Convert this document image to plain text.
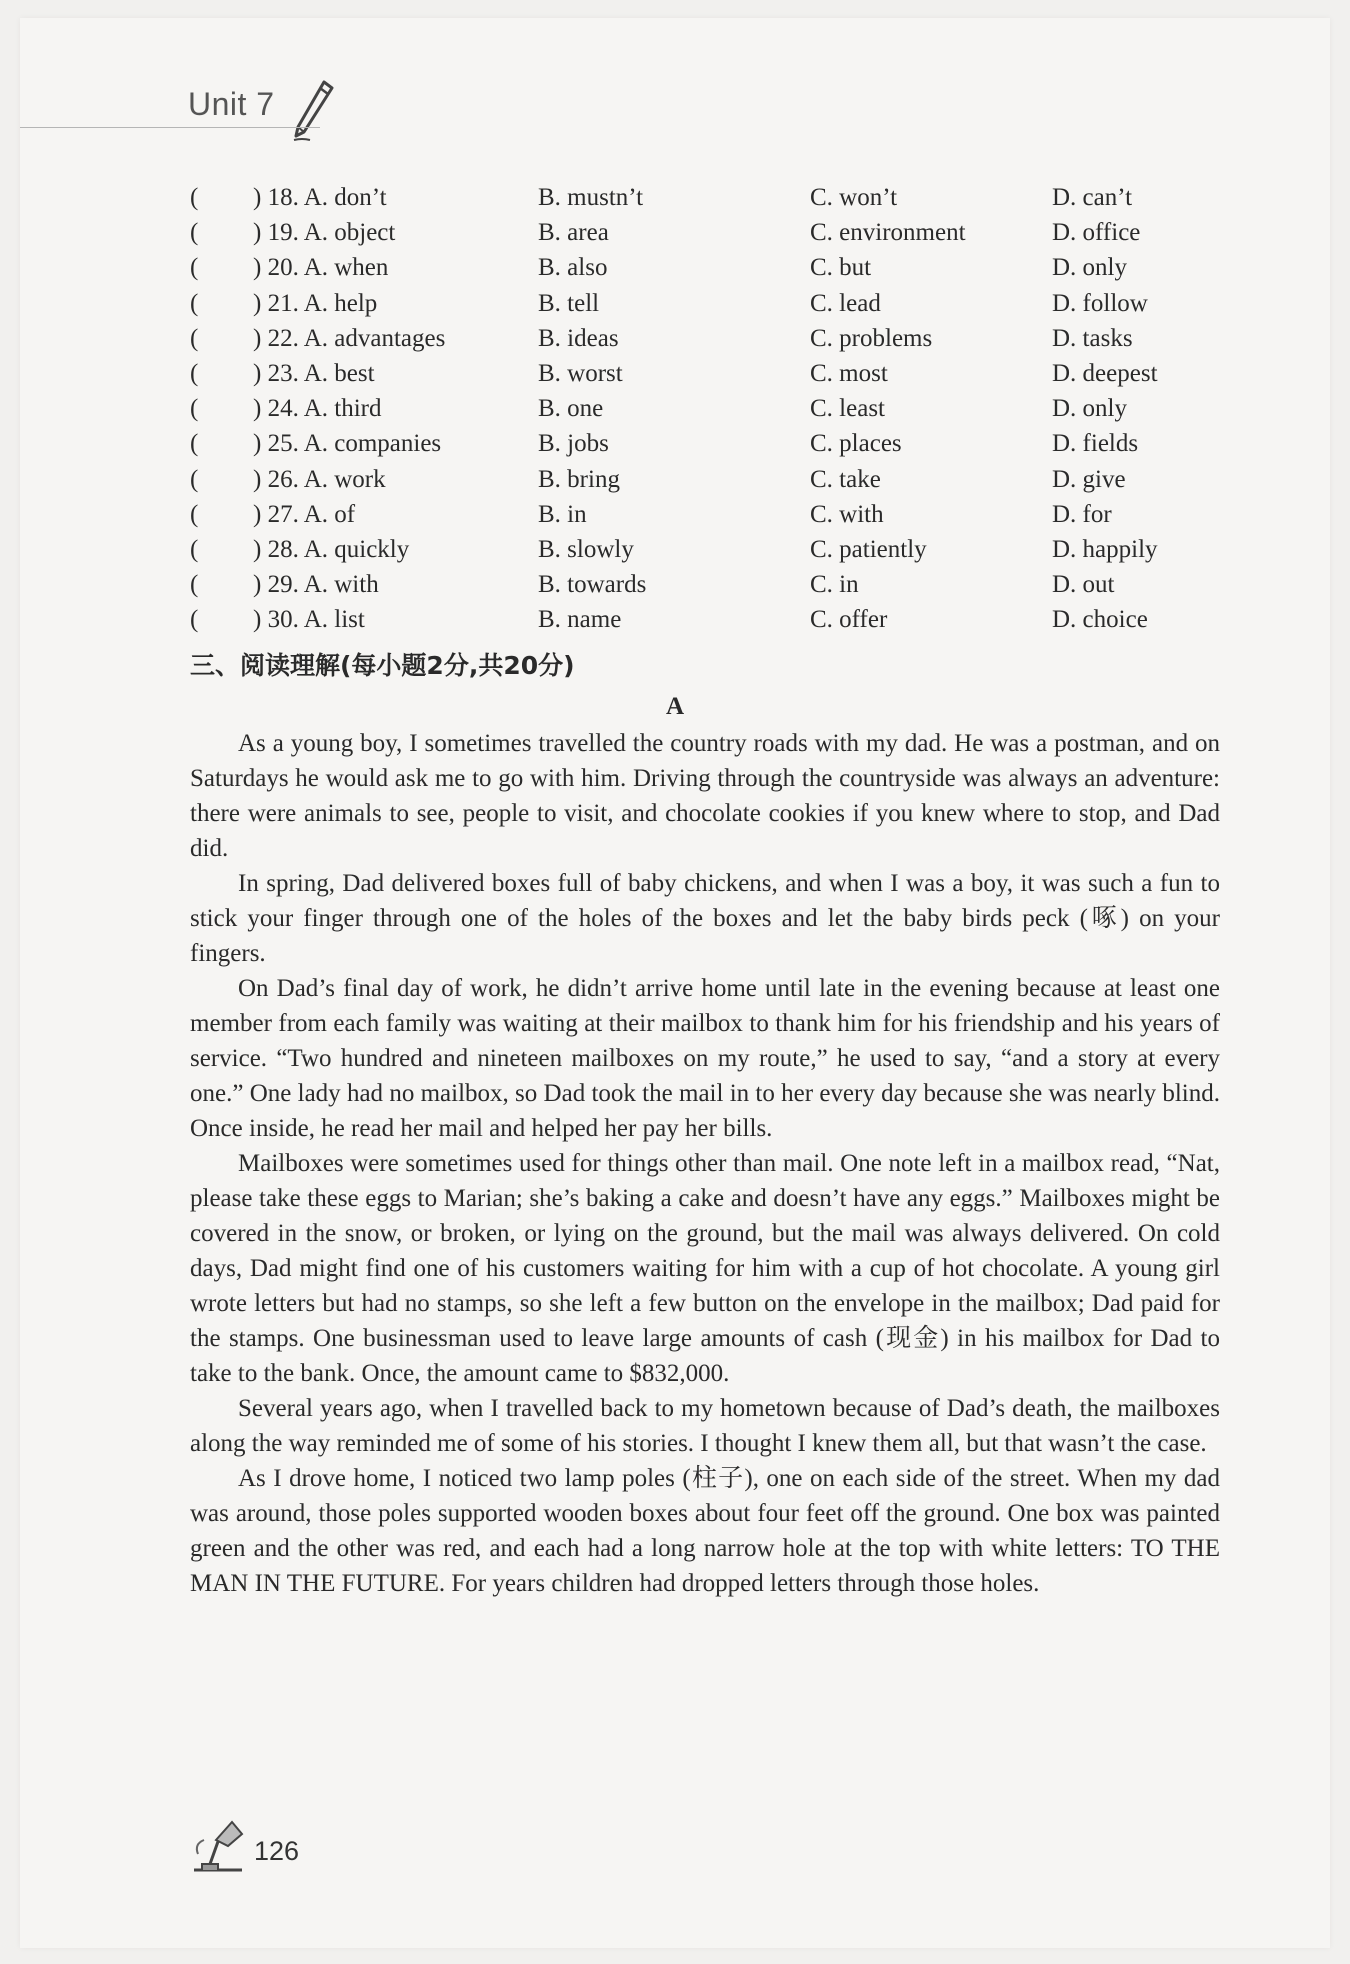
Unit 7
( ) 18. A. don’t	B. mustn’t	C. won’t	D. can’t
( ) 19. A. object	B. area	C. environment	D. office
( ) 20. A. when	B. also	C. but	D. only
( ) 21. A. help	B. tell	C. lead	D. follow
( ) 22. A. advantages	B. ideas	C. problems	D. tasks
( ) 23. A. best	B. worst	C. most	D. deepest
( ) 24. A. third	B. one	C. least	D. only
( ) 25. A. companies	B. jobs	C. places	D. fields
( ) 26. A. work	B. bring	C. take	D. give
( ) 27. A. of	B. in	C. with	D. for
( ) 28. A. quickly	B. slowly	C. patiently	D. happily
( ) 29. A. with	B. towards	C. in	D. out
( ) 30. A. list	B. name	C. offer	D. choice
三、阅读理解(每小题2分,共20分)
A

As a young boy, I sometimes travelled the country roads with my dad. He was a postman, and on Saturdays he would ask me to go with him. Driving through the countryside was always an adventure: there were animals to see, people to visit, and chocolate cookies if you knew where to stop, and Dad did.

In spring, Dad delivered boxes full of baby chickens, and when I was a boy, it was such a fun to stick your finger through one of the holes of the boxes and let the baby birds peck (啄) on your fingers.

On Dad’s final day of work, he didn’t arrive home until late in the evening because at least one member from each family was waiting at their mailbox to thank him for his friendship and his years of service. “Two hundred and nineteen mailboxes on my route,” he used to say, “and a story at every one.” One lady had no mailbox, so Dad took the mail in to her every day because she was nearly blind. Once inside, he read her mail and helped her pay her bills.

Mailboxes were sometimes used for things other than mail. One note left in a mailbox read, “Nat, please take these eggs to Marian; she’s baking a cake and doesn’t have any eggs.” Mailboxes might be covered in the snow, or broken, or lying on the ground, but the mail was always delivered. On cold days, Dad might find one of his customers waiting for him with a cup of hot chocolate. A young girl wrote letters but had no stamps, so she left a few button on the envelope in the mailbox; Dad paid for the stamps. One businessman used to leave large amounts of cash (现金) in his mailbox for Dad to take to the bank. Once, the amount came to $832,000.

Several years ago, when I travelled back to my hometown because of Dad’s death, the mailboxes along the way reminded me of some of his stories. I thought I knew them all, but that wasn’t the case.

As I drove home, I noticed two lamp poles (柱子), one on each side of the street. When my dad was around, those poles supported wooden boxes about four feet off the ground. One box was painted green and the other was red, and each had a long narrow hole at the top with white letters: TO THE MAN IN THE FUTURE. For years children had dropped letters through those holes.

126
